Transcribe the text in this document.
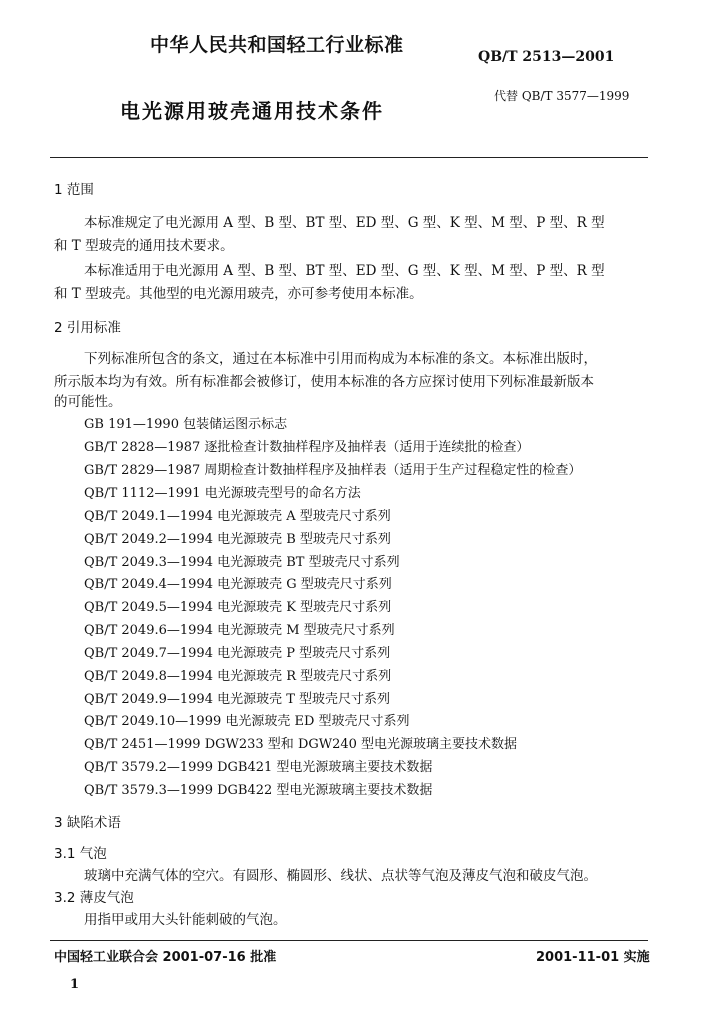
中华人民共和国轻工行业标准
QB/T 2513—2001
代替 QB/T 3577—1999
电光源用玻壳通用技术条件
1 范围
本标准规定了电光源用 A 型、B 型、BT 型、ED 型、G 型、K 型、M 型、P 型、R 型
和 T 型玻壳的通用技术要求。
本标准适用于电光源用 A 型、B 型、BT 型、ED 型、G 型、K 型、M 型、P 型、R 型
和 T 型玻壳。其他型的电光源用玻壳，亦可参考使用本标准。
2 引用标准
下列标准所包含的条文，通过在本标准中引用而构成为本标准的条文。本标准出版时，
所示版本均为有效。所有标准都会被修订，使用本标准的各方应探讨使用下列标准最新版本
的可能性。
GB 191—1990 包装储运图示标志
GB/T 2828—1987 逐批检查计数抽样程序及抽样表（适用于连续批的检查）
GB/T 2829—1987 周期检查计数抽样程序及抽样表（适用于生产过程稳定性的检查）
QB/T 1112—1991 电光源玻壳型号的命名方法
QB/T 2049.1—1994 电光源玻壳 A 型玻壳尺寸系列
QB/T 2049.2—1994 电光源玻壳 B 型玻壳尺寸系列
QB/T 2049.3—1994 电光源玻壳 BT 型玻壳尺寸系列
QB/T 2049.4—1994 电光源玻壳 G 型玻壳尺寸系列
QB/T 2049.5—1994 电光源玻壳 K 型玻壳尺寸系列
QB/T 2049.6—1994 电光源玻壳 M 型玻壳尺寸系列
QB/T 2049.7—1994 电光源玻壳 P 型玻壳尺寸系列
QB/T 2049.8—1994 电光源玻壳 R 型玻壳尺寸系列
QB/T 2049.9—1994 电光源玻壳 T 型玻壳尺寸系列
QB/T 2049.10—1999 电光源玻壳 ED 型玻壳尺寸系列
QB/T 2451—1999 DGW233 型和 DGW240 型电光源玻璃主要技术数据
QB/T 3579.2—1999 DGB421 型电光源玻璃主要技术数据
QB/T 3579.3—1999 DGB422 型电光源玻璃主要技术数据
3 缺陷术语
3.1 气泡
玻璃中充满气体的空穴。有圆形、椭圆形、线状、点状等气泡及薄皮气泡和破皮气泡。
3.2 薄皮气泡
用指甲或用大头针能刺破的气泡。
中国轻工业联合会 2001-07-16 批准	2001-11-01 实施
1
